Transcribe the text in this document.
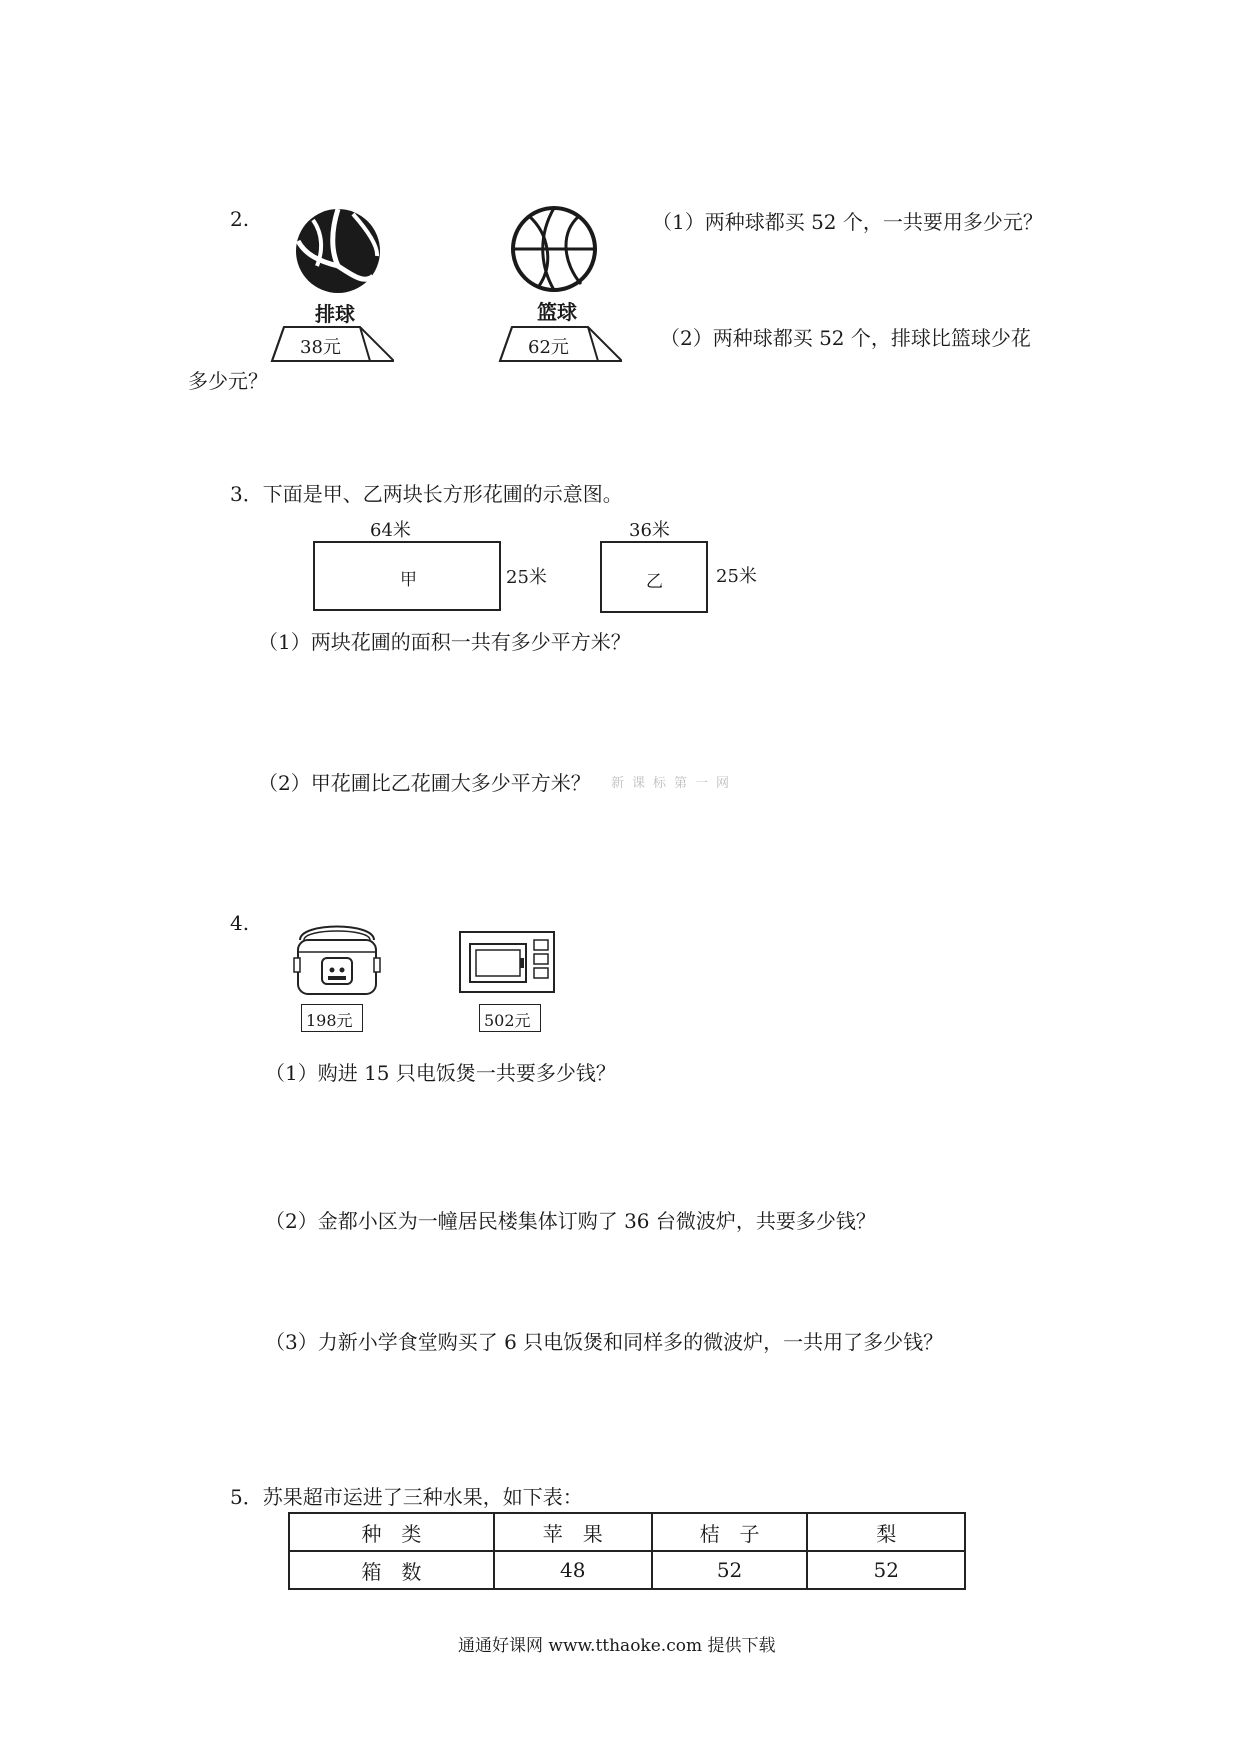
2.
排球
38元
篮球
62元
（1）两种球都买 52 个，一共要用多少元？
（2）两种球都买 52 个，排球比篮球少花
多少元？
3．下面是甲、乙两块长方形花圃的示意图。
64米
甲	25米
36米
乙	25米
（1）两块花圃的面积一共有多少平方米？
（2）甲花圃比乙花圃大多少平方米？ 新课标第一网
4.
198元	502元
（1）购进 15 只电饭煲一共要多少钱？
（2）金都小区为一幢居民楼集体订购了 36 台微波炉，共要多少钱？
（3）力新小学食堂购买了 6 只电饭煲和同样多的微波炉，一共用了多少钱？
5．苏果超市运进了三种水果，如下表：
种　类	苹　果	桔　子	梨
箱　数	48	52	52
通通好课网 www.tthaoke.com 提供下载
